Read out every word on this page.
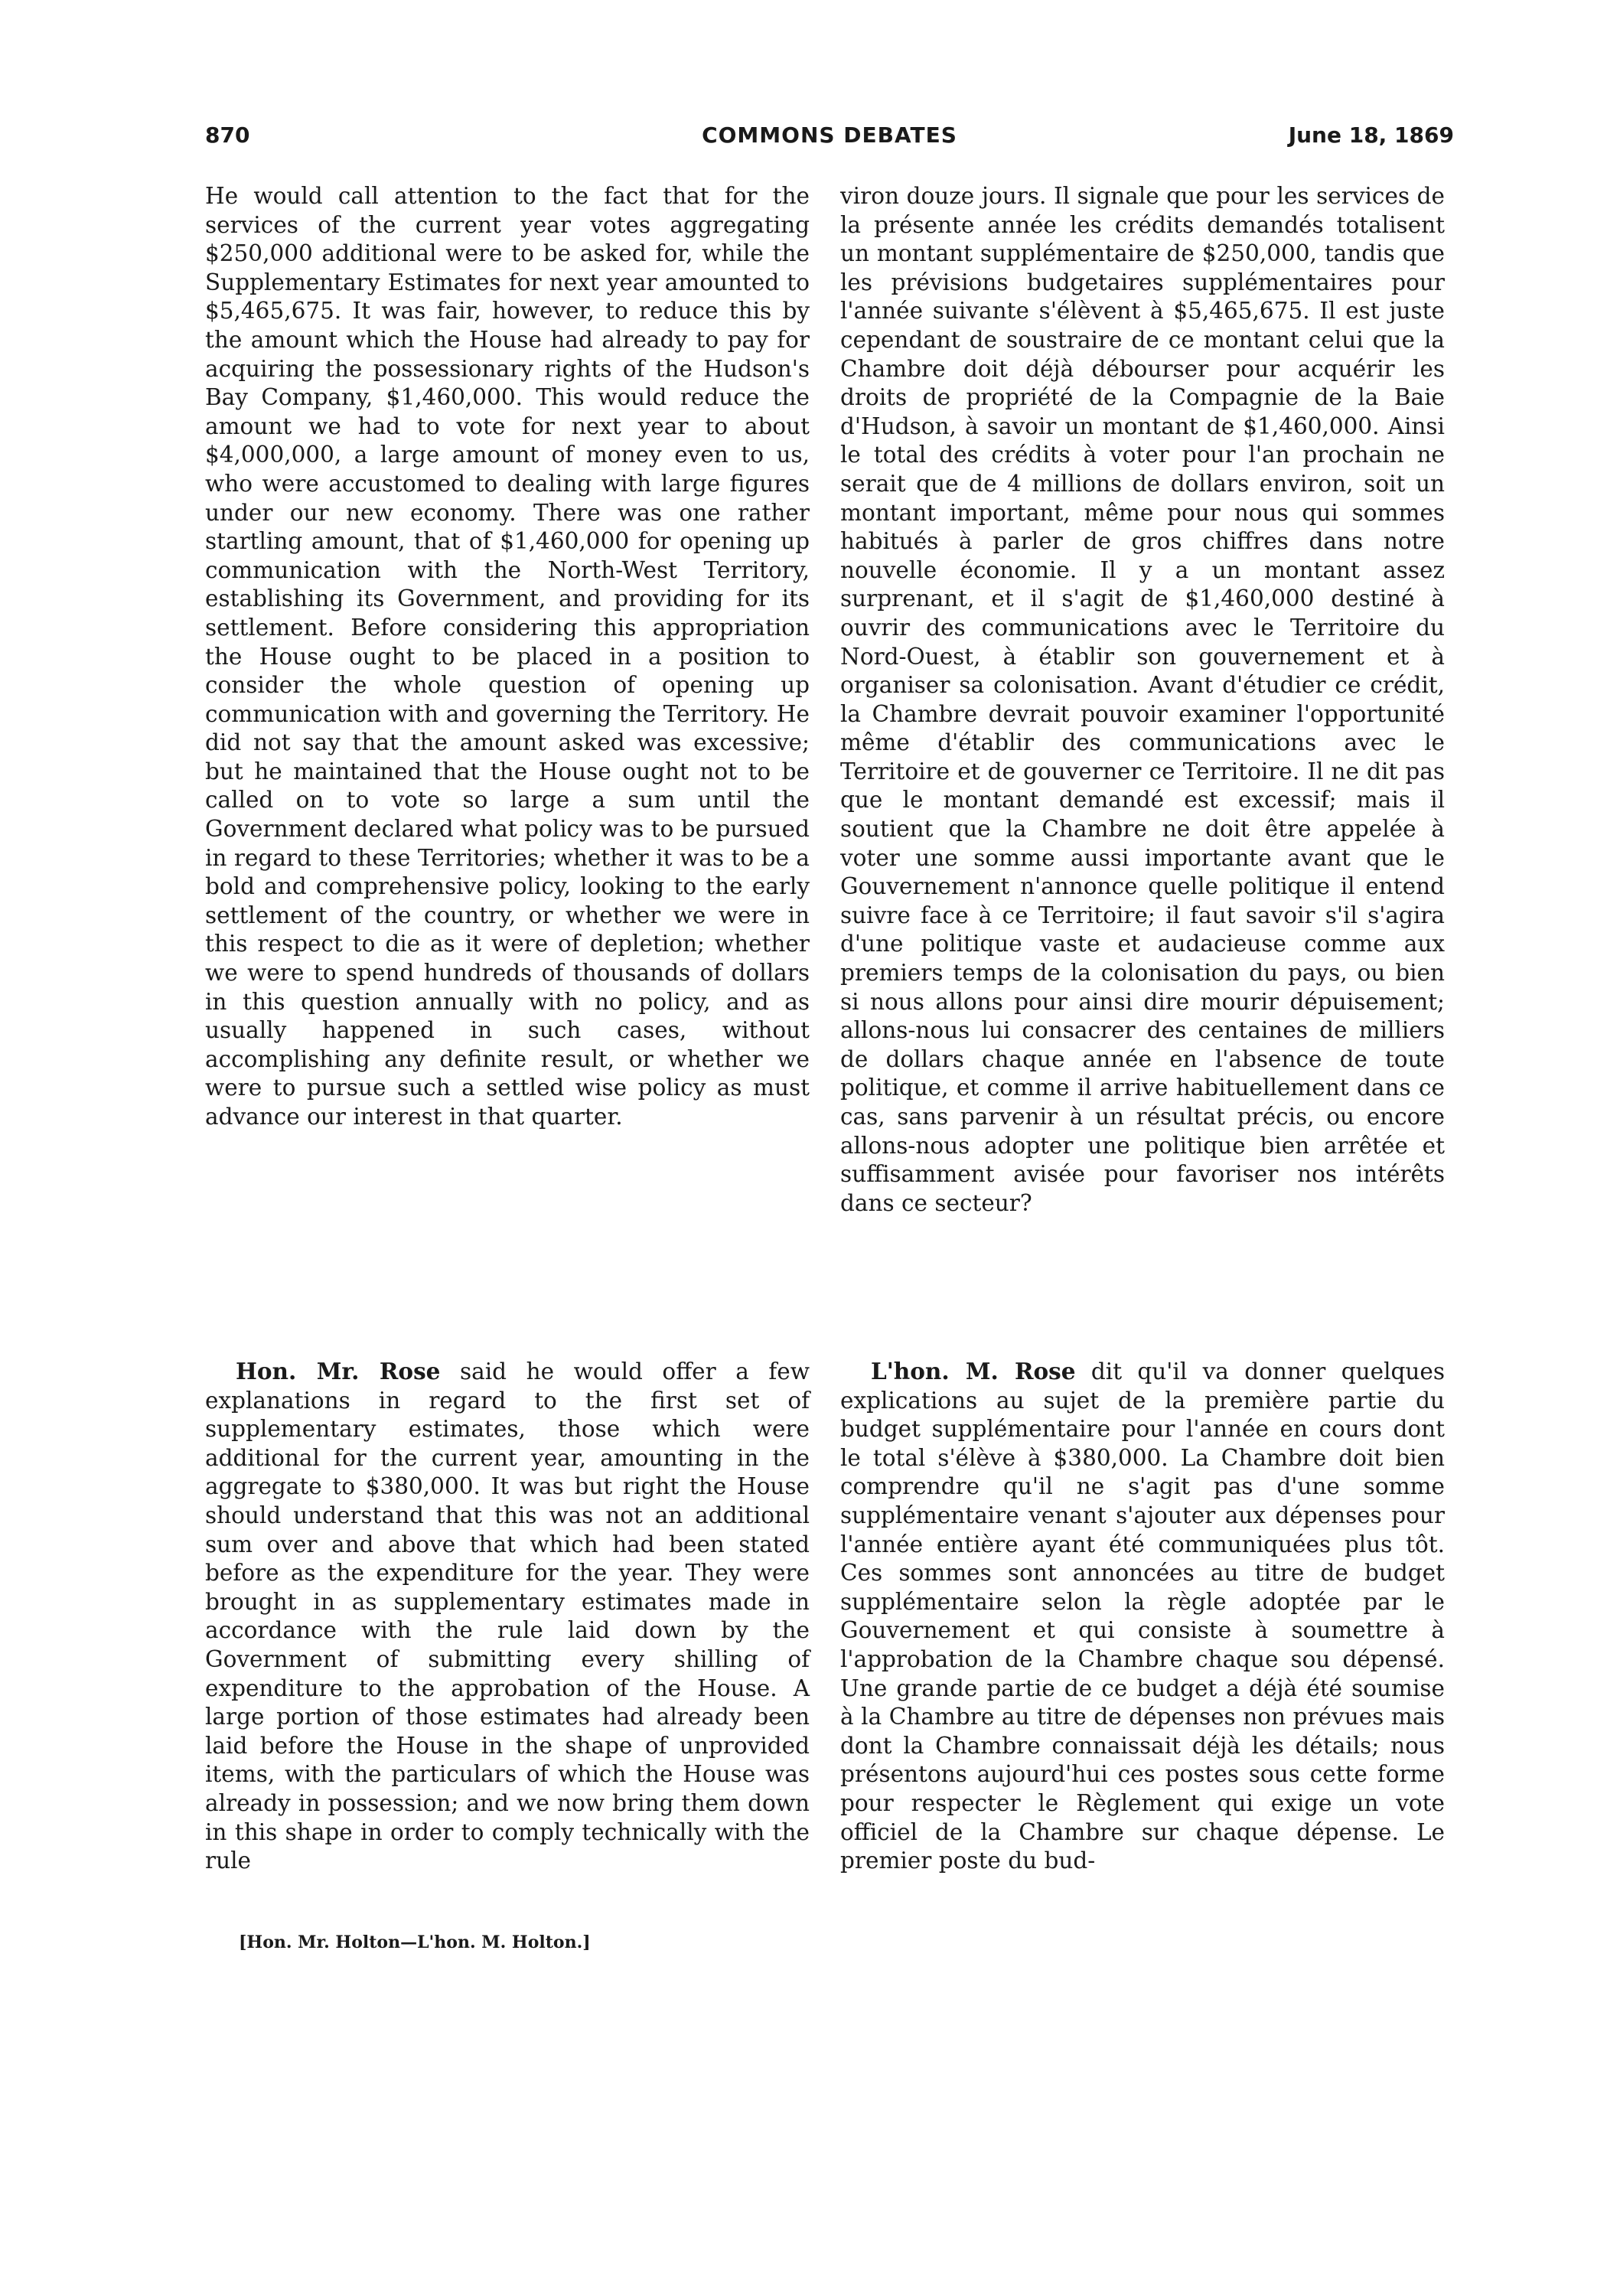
870	COMMONS DEBATES	June 18, 1869

He would call attention to the fact that for the services of the current year votes aggregating $250,000 additional were to be asked for, while the Supplementary Estimates for next year amounted to $5,465,675. It was fair, however, to reduce this by the amount which the House had already to pay for acquiring the possessionary rights of the Hudson's Bay Company, $1,460,000. This would reduce the amount we had to vote for next year to about $4,000,000, a large amount of money even to us, who were accustomed to dealing with large figures under our new economy. There was one rather startling amount, that of $1,460,000 for opening up communication with the North-West Territory, establishing its Government, and providing for its settlement. Before considering this appropriation the House ought to be placed in a position to consider the whole question of opening up communication with and governing the Territory. He did not say that the amount asked was excessive; but he maintained that the House ought not to be called on to vote so large a sum until the Government declared what policy was to be pursued in regard to these Territories; whether it was to be a bold and comprehensive policy, looking to the early settlement of the country, or whether we were in this respect to die as it were of depletion; whether we were to spend hundreds of thousands of dollars in this question annually with no policy, and as usually happened in such cases, without accomplishing any definite result, or whether we were to pursue such a settled wise policy as must advance our interest in that quarter.

viron douze jours. Il signale que pour les services de la présente année les crédits demandés totalisent un montant supplémentaire de $250,000, tandis que les prévisions budgetaires supplémentaires pour l'année suivante s'élèvent à $5,465,675. Il est juste cependant de soustraire de ce montant celui que la Chambre doit déjà débourser pour acquérir les droits de propriété de la Compagnie de la Baie d'Hudson, à savoir un montant de $1,460,000. Ainsi le total des crédits à voter pour l'an prochain ne serait que de 4 millions de dollars environ, soit un montant important, même pour nous qui sommes habitués à parler de gros chiffres dans notre nouvelle économie. Il y a un montant assez surprenant, et il s'agit de $1,460,000 destiné à ouvrir des communications avec le Territoire du Nord-Ouest, à établir son gouvernement et à organiser sa colonisation. Avant d'étudier ce crédit, la Chambre devrait pouvoir examiner l'opportunité même d'établir des communications avec le Territoire et de gouverner ce Territoire. Il ne dit pas que le montant demandé est excessif; mais il soutient que la Chambre ne doit être appelée à voter une somme aussi importante avant que le Gouvernement n'annonce quelle politique il entend suivre face à ce Territoire; il faut savoir s'il s'agira d'une politique vaste et audacieuse comme aux premiers temps de la colonisation du pays, ou bien si nous allons pour ainsi dire mourir dépuisement; allons-nous lui consacrer des centaines de milliers de dollars chaque année en l'absence de toute politique, et comme il arrive habituellement dans ce cas, sans parvenir à un résultat précis, ou encore allons-nous adopter une politique bien arrêtée et suffisamment avisée pour favoriser nos intérêts dans ce secteur?

Hon. Mr. Rose said he would offer a few explanations in regard to the first set of supplementary estimates, those which were additional for the current year, amounting in the aggregate to $380,000. It was but right the House should understand that this was not an additional sum over and above that which had been stated before as the expenditure for the year. They were brought in as supplementary estimates made in accordance with the rule laid down by the Government of submitting every shilling of expenditure to the approbation of the House. A large portion of those estimates had already been laid before the House in the shape of unprovided items, with the particulars of which the House was already in possession; and we now bring them down in this shape in order to comply technically with the rule

L'hon. M. Rose dit qu'il va donner quelques explications au sujet de la première partie du budget supplémentaire pour l'année en cours dont le total s'élève à $380,000. La Chambre doit bien comprendre qu'il ne s'agit pas d'une somme supplémentaire venant s'ajouter aux dépenses pour l'année entière ayant été communiquées plus tôt. Ces sommes sont annoncées au titre de budget supplémentaire selon la règle adoptée par le Gouvernement et qui consiste à soumettre à l'approbation de la Chambre chaque sou dépensé. Une grande partie de ce budget a déjà été soumise à la Chambre au titre de dépenses non prévues mais dont la Chambre connaissait déjà les détails; nous présentons aujourd'hui ces postes sous cette forme pour respecter le Règlement qui exige un vote officiel de la Chambre sur chaque dépense. Le premier poste du bud-

[Hon. Mr. Holton—L'hon. M. Holton.]
